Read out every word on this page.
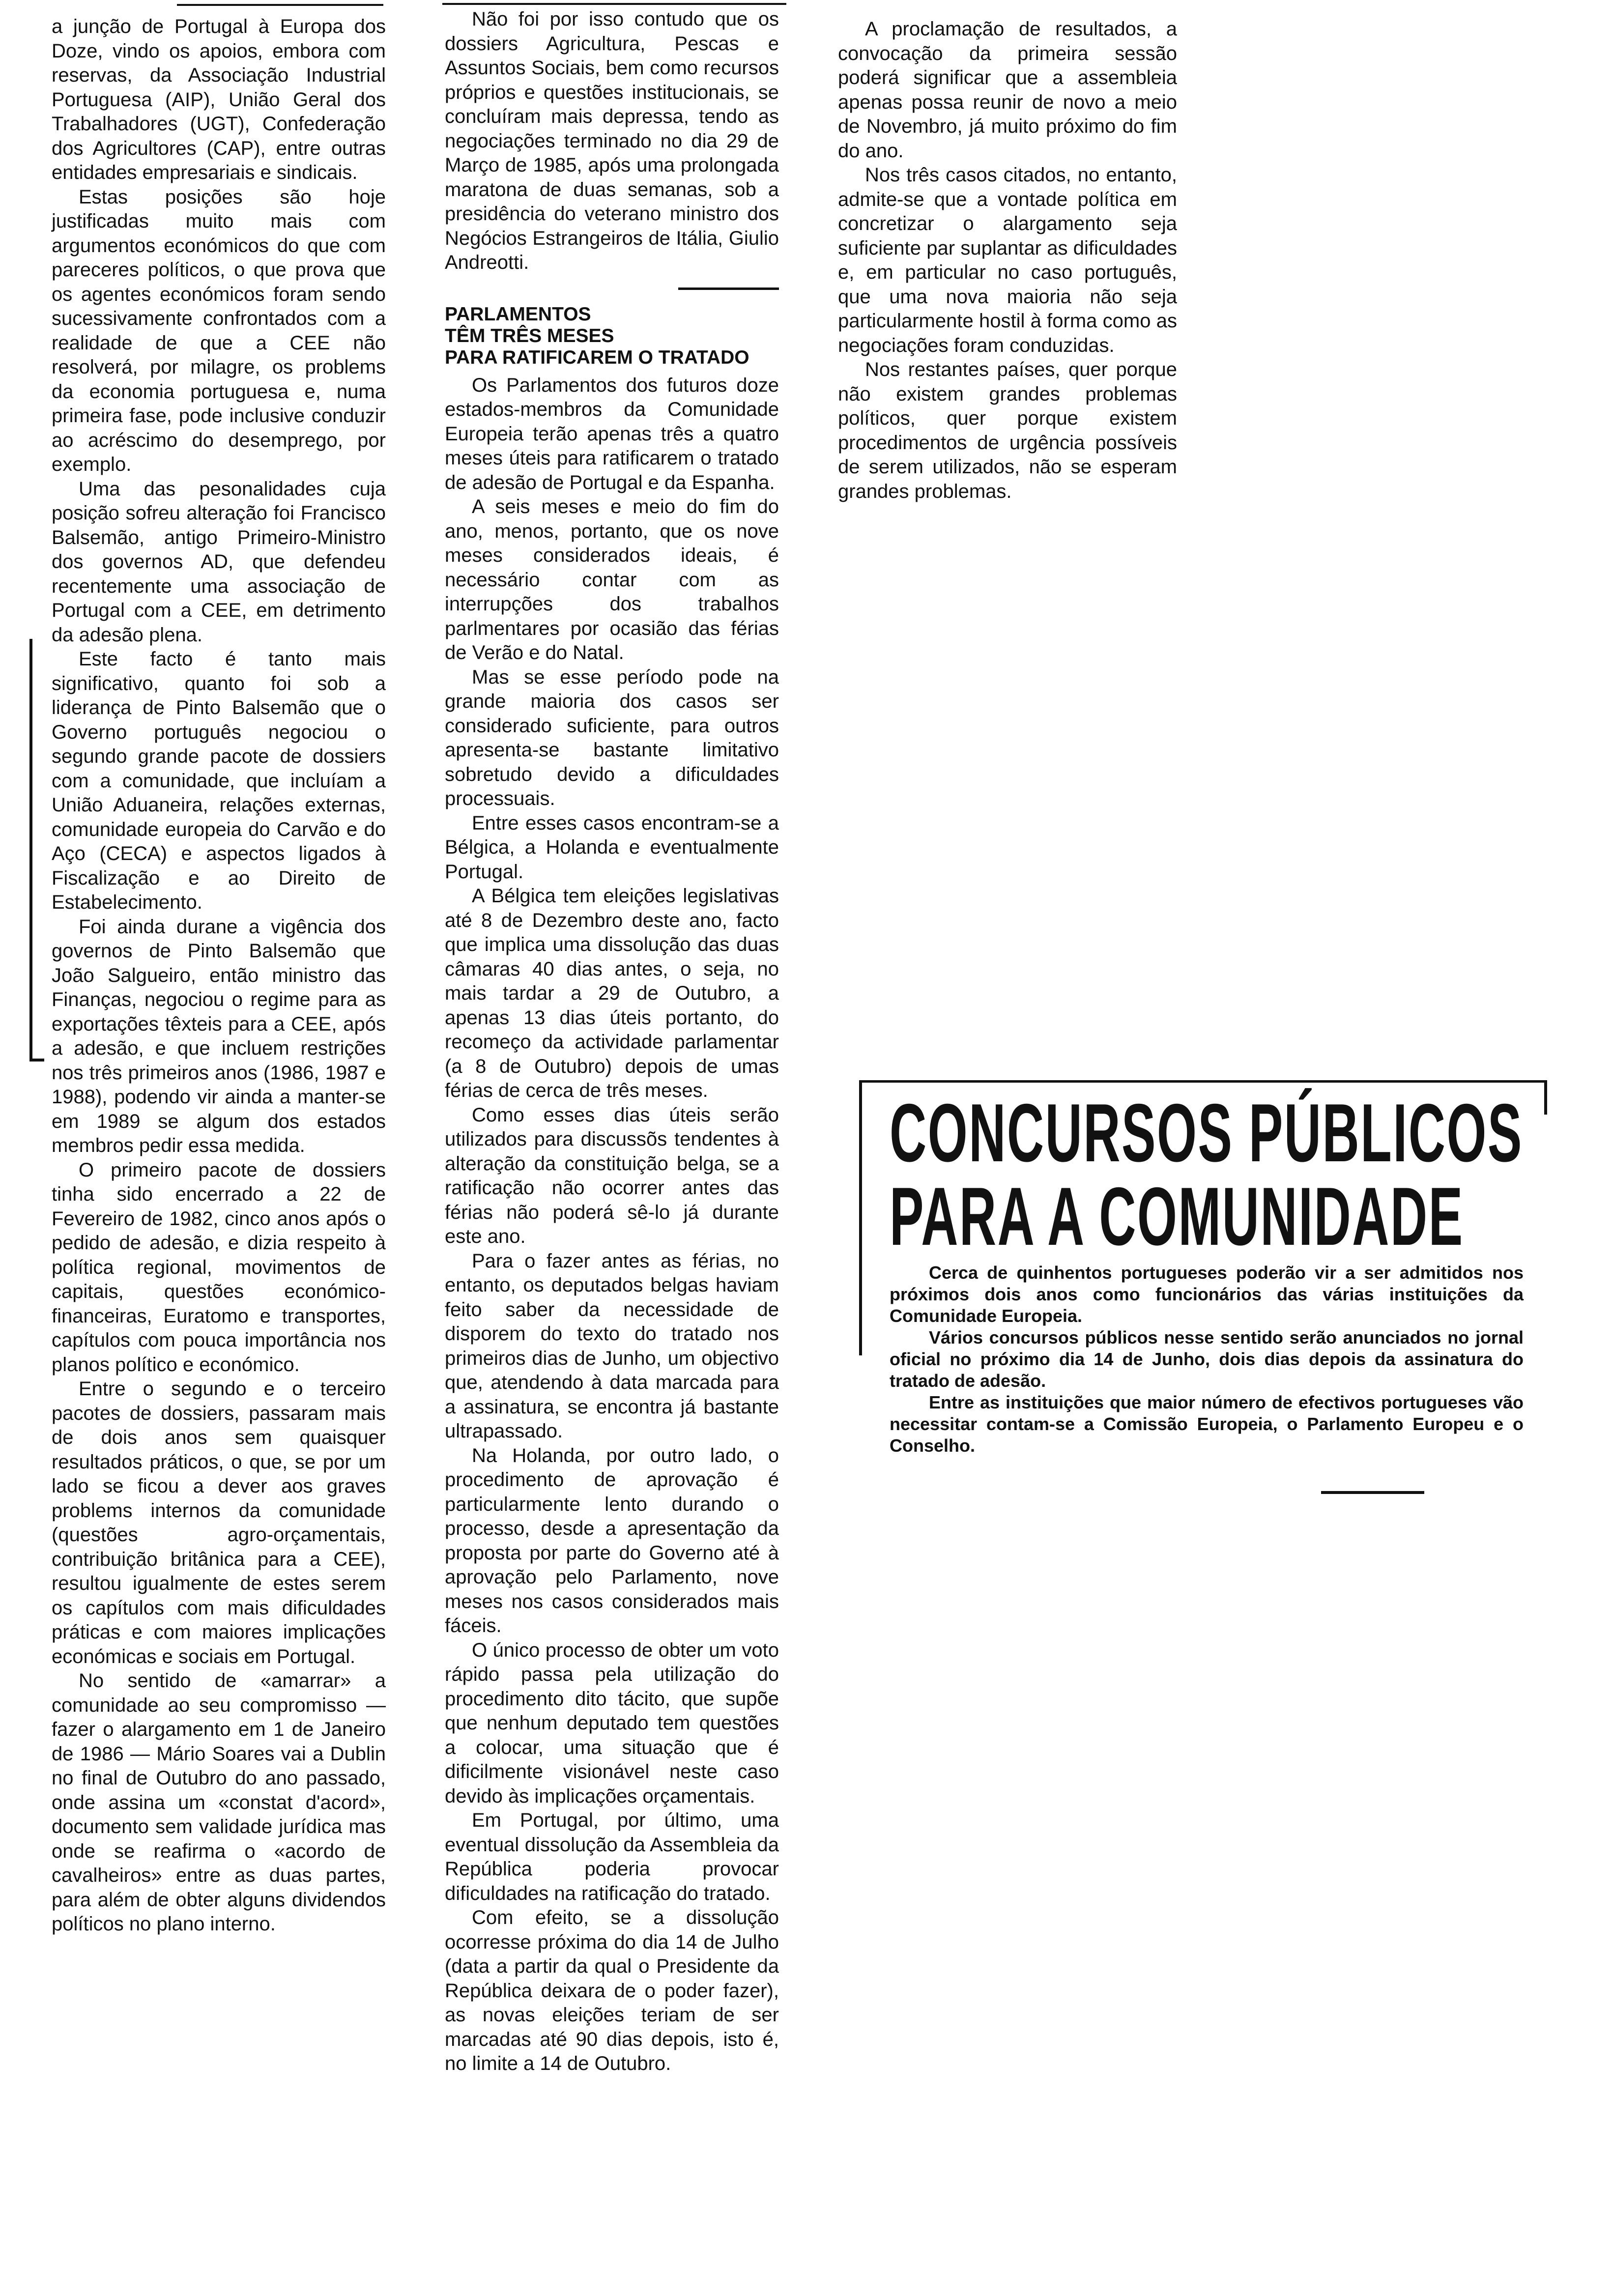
a junção de Portugal à Europa dos Doze, vindo os apoios, embora com reservas, da Associação Industrial Portuguesa (AIP), União Geral dos Trabalhadores (UGT), Confederação dos Agricultores (CAP), entre outras entidades empresariais e sindicais.

Estas posições são hoje justificadas muito mais com argumentos económicos do que com pareceres políticos, o que prova que os agentes económicos foram sendo sucessivamente confrontados com a realidade de que a CEE não resolverá, por milagre, os problems da economia portuguesa e, numa primeira fase, pode inclusive conduzir ao acréscimo do desemprego, por exemplo.

Uma das pesonalidades cuja posição sofreu alteração foi Francisco Balsemão, antigo Primeiro-Ministro dos governos AD, que defendeu recentemente uma associação de Portugal com a CEE, em detrimento da adesão plena.

Este facto é tanto mais significativo, quanto foi sob a liderança de Pinto Balsemão que o Governo português negociou o segundo grande pacote de dossiers com a comunidade, que incluíam a União Aduaneira, relações externas, comunidade europeia do Carvão e do Aço (CECA) e aspectos ligados à Fiscalização e ao Direito de Estabelecimento.

Foi ainda durane a vigência dos governos de Pinto Balsemão que João Salgueiro, então ministro das Finanças, negociou o regime para as exportações têxteis para a CEE, após a adesão, e que incluem restrições nos três primeiros anos (1986, 1987 e 1988), podendo vir ainda a manter-se em 1989 se algum dos estados membros pedir essa medida.

O primeiro pacote de dossiers tinha sido encerrado a 22 de Fevereiro de 1982, cinco anos após o pedido de adesão, e dizia respeito à política regional, movimentos de capitais, questões económico-financeiras, Euratomo e transportes, capítulos com pouca importância nos planos político e económico.

Entre o segundo e o terceiro pacotes de dossiers, passaram mais de dois anos sem quaisquer resultados práticos, o que, se por um lado se ficou a dever aos graves problems internos da comunidade (questões agro-orçamentais, contribuição britânica para a CEE), resultou igualmente de estes serem os capítulos com mais dificuldades práticas e com maiores implicações económicas e sociais em Portugal.

No sentido de «amarrar» a comunidade ao seu compromisso — fazer o alargamento em 1 de Janeiro de 1986 — Mário Soares vai a Dublin no final de Outubro do ano passado, onde assina um «constat d'acord», documento sem validade jurídica mas onde se reafirma o «acordo de cavalheiros» entre as duas partes, para além de obter alguns dividendos políticos no plano interno.

Não foi por isso contudo que os dossiers Agricultura, Pescas e Assuntos Sociais, bem como recursos próprios e questões institucionais, se concluíram mais depressa, tendo as negociações terminado no dia 29 de Março de 1985, após uma prolongada maratona de duas semanas, sob a presidência do veterano ministro dos Negócios Estrangeiros de Itália, Giulio Andreotti.

PARLAMENTOS
TÊM TRÊS MESES
PARA RATIFICAREM O TRATADO

Os Parlamentos dos futuros doze estados-membros da Comunidade Europeia terão apenas três a quatro meses úteis para ratificarem o tratado de adesão de Portugal e da Espanha.

A seis meses e meio do fim do ano, menos, portanto, que os nove meses considerados ideais, é necessário contar com as interrupções dos trabalhos parlmentares por ocasião das férias de Verão e do Natal.

Mas se esse período pode na grande maioria dos casos ser considerado suficiente, para outros apresenta-se bastante limitativo sobretudo devido a dificuldades processuais.

Entre esses casos encontram-se a Bélgica, a Holanda e eventualmente Portugal.

A Bélgica tem eleições legislativas até 8 de Dezembro deste ano, facto que implica uma dissolução das duas câmaras 40 dias antes, o seja, no mais tardar a 29 de Outubro, a apenas 13 dias úteis portanto, do recomeço da actividade parlamentar (a 8 de Outubro) depois de umas férias de cerca de três meses.

Como esses dias úteis serão utilizados para discussõs tendentes à alteração da constituição belga, se a ratificação não ocorrer antes das férias não poderá sê-lo já durante este ano.

Para o fazer antes as férias, no entanto, os deputados belgas haviam feito saber da necessidade de disporem do texto do tratado nos primeiros dias de Junho, um objectivo que, atendendo à data marcada para a assinatura, se encontra já bastante ultrapassado.

Na Holanda, por outro lado, o procedimento de aprovação é particularmente lento durando o processo, desde a apresentação da proposta por parte do Governo até à aprovação pelo Parlamento, nove meses nos casos considerados mais fáceis.

O único processo de obter um voto rápido passa pela utilização do procedimento dito tácito, que supõe que nenhum deputado tem questões a colocar, uma situação que é dificilmente visionável neste caso devido às implicações orçamentais.

Em Portugal, por último, uma eventual dissolução da Assembleia da República poderia provocar dificuldades na ratificação do tratado.

Com efeito, se a dissolução ocorresse próxima do dia 14 de Julho (data a partir da qual o Presidente da República deixara de o poder fazer), as novas eleições teriam de ser marcadas até 90 dias depois, isto é, no limite a 14 de Outubro.

A proclamação de resultados, a convocação da primeira sessão poderá significar que a assembleia apenas possa reunir de novo a meio de Novembro, já muito próximo do fim do ano.

Nos três casos citados, no entanto, admite-se que a vontade política em concretizar o alargamento seja suficiente par suplantar as dificuldades e, em particular no caso português, que uma nova maioria não seja particularmente hostil à forma como as negociações foram conduzidas.

Nos restantes países, quer porque não existem grandes problemas políticos, quer porque existem procedimentos de urgência possíveis de serem utilizados, não se esperam grandes problemas.

CONCURSOS PÚBLICOS
PARA A COMUNIDADE

Cerca de quinhentos portugueses poderão vir a ser admitidos nos próximos dois anos como funcionários das várias instituições da Comunidade Europeia.

Vários concursos públicos nesse sentido serão anunciados no jornal oficial no próximo dia 14 de Junho, dois dias depois da assinatura do tratado de adesão.

Entre as instituições que maior número de efectivos portugueses vão necessitar contam-se a Comissão Europeia, o Parlamento Europeu e o Conselho.
